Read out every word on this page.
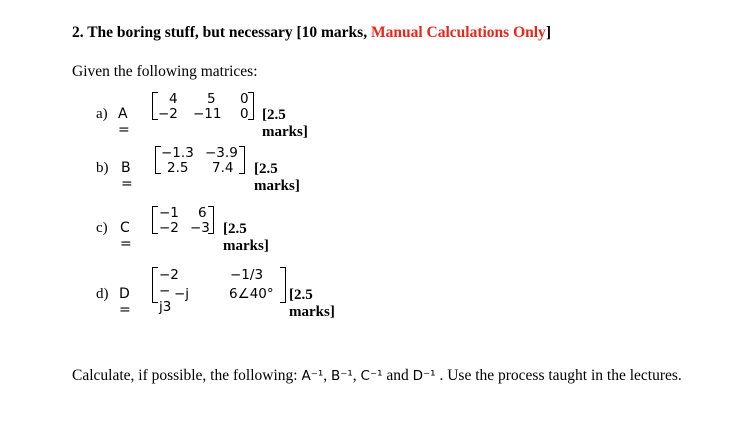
2. The boring stuff, but necessary [10 marks, Manual Calculations Only]
Given the following matrices:
a) A =
4 5 0
−2 −11 0 [2.5 marks]
b) B =
−1.3 −3.9
2.5 7.4 [2.5 marks]
c) C =
−1 6
−2 −3 [2.5 marks]
d) D =
−2 − j3
−1/3
−j	6∠40° [2.5 marks]
Calculate, if possible, the following: A⁻¹, B⁻¹, C⁻¹ and D⁻¹ . Use the process taught in the lectures.
